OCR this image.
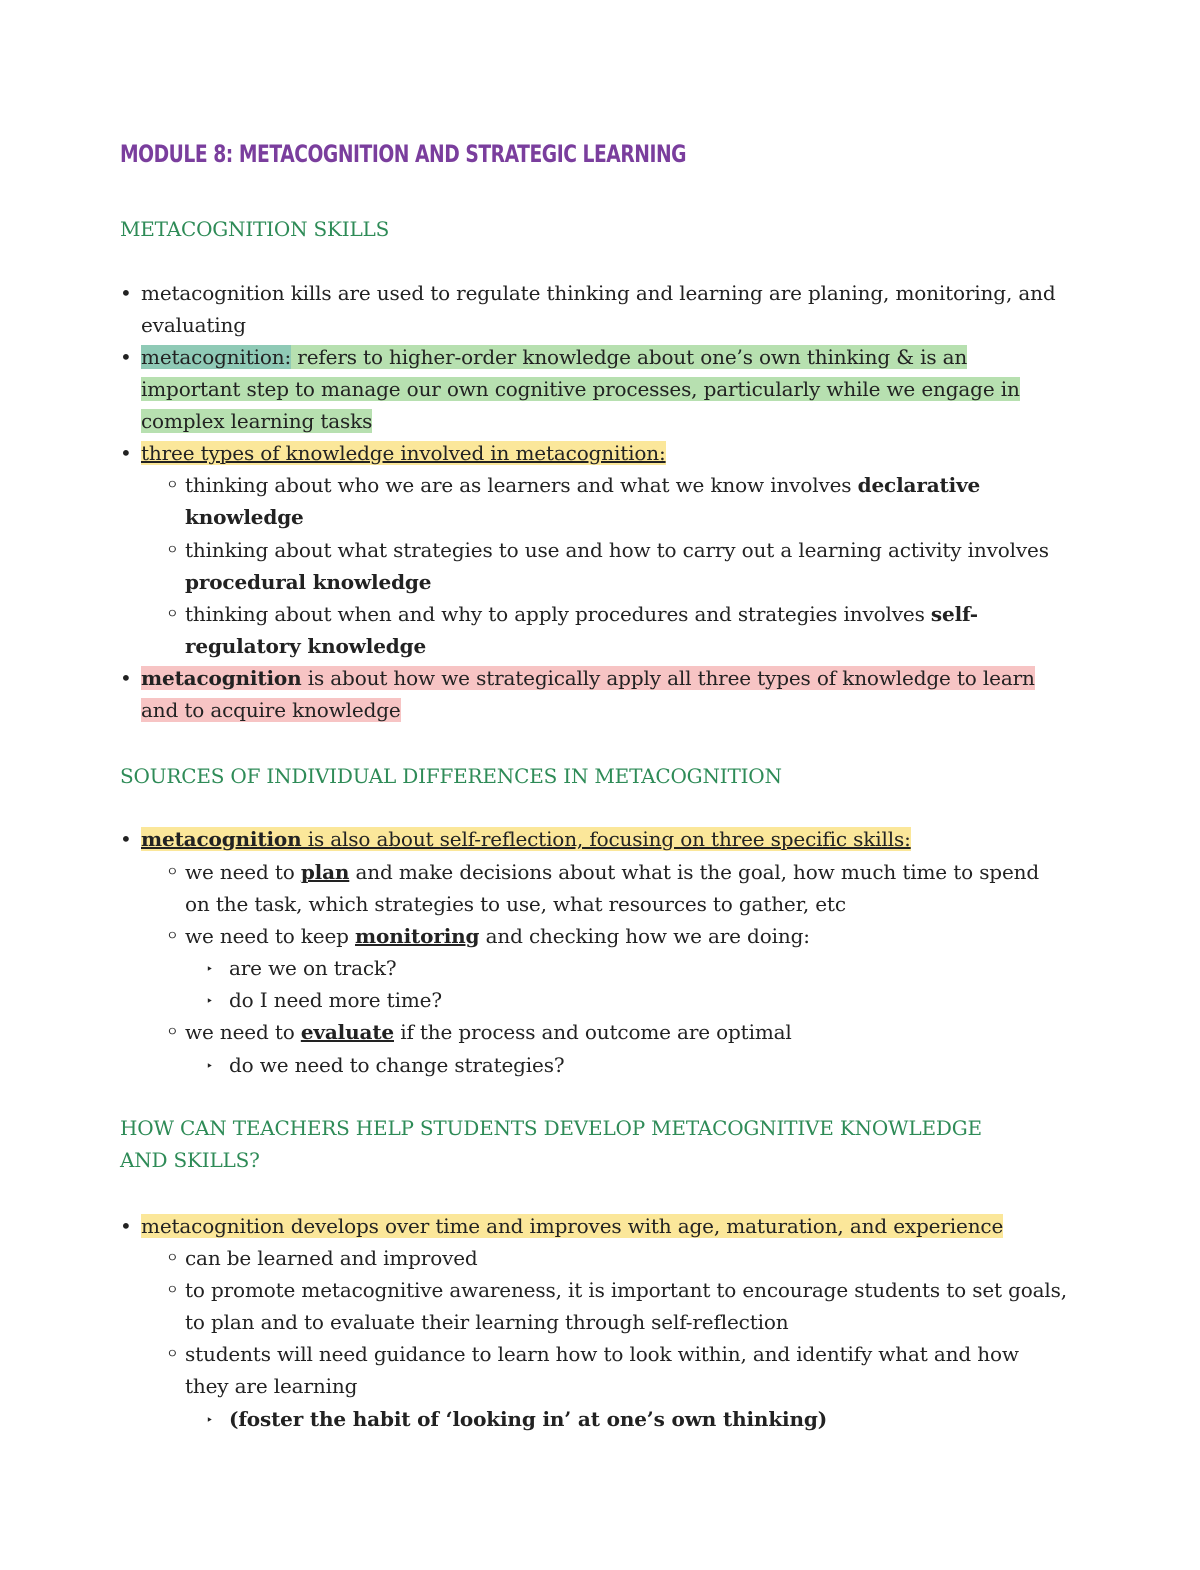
MODULE 8: METACOGNITION AND STRATEGIC LEARNING
METACOGNITION SKILLS
• metacognition kills are used to regulate thinking and learning are planing, monitoring, and
evaluating
• metacognition: refers to higher-order knowledge about one’s own thinking & is an
important step to manage our own cognitive processes, particularly while we engage in
complex learning tasks
• three types of knowledge involved in metacognition:
ㅇ thinking about who we are as learners and what we know involves declarative
knowledge
ㅇ thinking about what strategies to use and how to carry out a learning activity involves
procedural knowledge
ㅇ thinking about when and why to apply procedures and strategies involves self-
regulatory knowledge
• metacognition is about how we strategically apply all three types of knowledge to learn
and to acquire knowledge
SOURCES OF INDIVIDUAL DIFFERENCES IN METACOGNITION
• metacognition is also about self-reflection, focusing on three specific skills:
ㅇ we need to plan and make decisions about what is the goal, how much time to spend
on the task, which strategies to use, what resources to gather, etc
ㅇ we need to keep monitoring and checking how we are doing:
‣ are we on track?
‣ do I need more time?
ㅇ we need to evaluate if the process and outcome are optimal
‣ do we need to change strategies?
HOW CAN TEACHERS HELP STUDENTS DEVELOP METACOGNITIVE KNOWLEDGE
AND SKILLS?
• metacognition develops over time and improves with age, maturation, and experience
ㅇ can be learned and improved
ㅇ to promote metacognitive awareness, it is important to encourage students to set goals,
to plan and to evaluate their learning through self-reflection
ㅇ students will need guidance to learn how to look within, and identify what and how
they are learning
‣ (foster the habit of ‘looking in’ at one’s own thinking)
